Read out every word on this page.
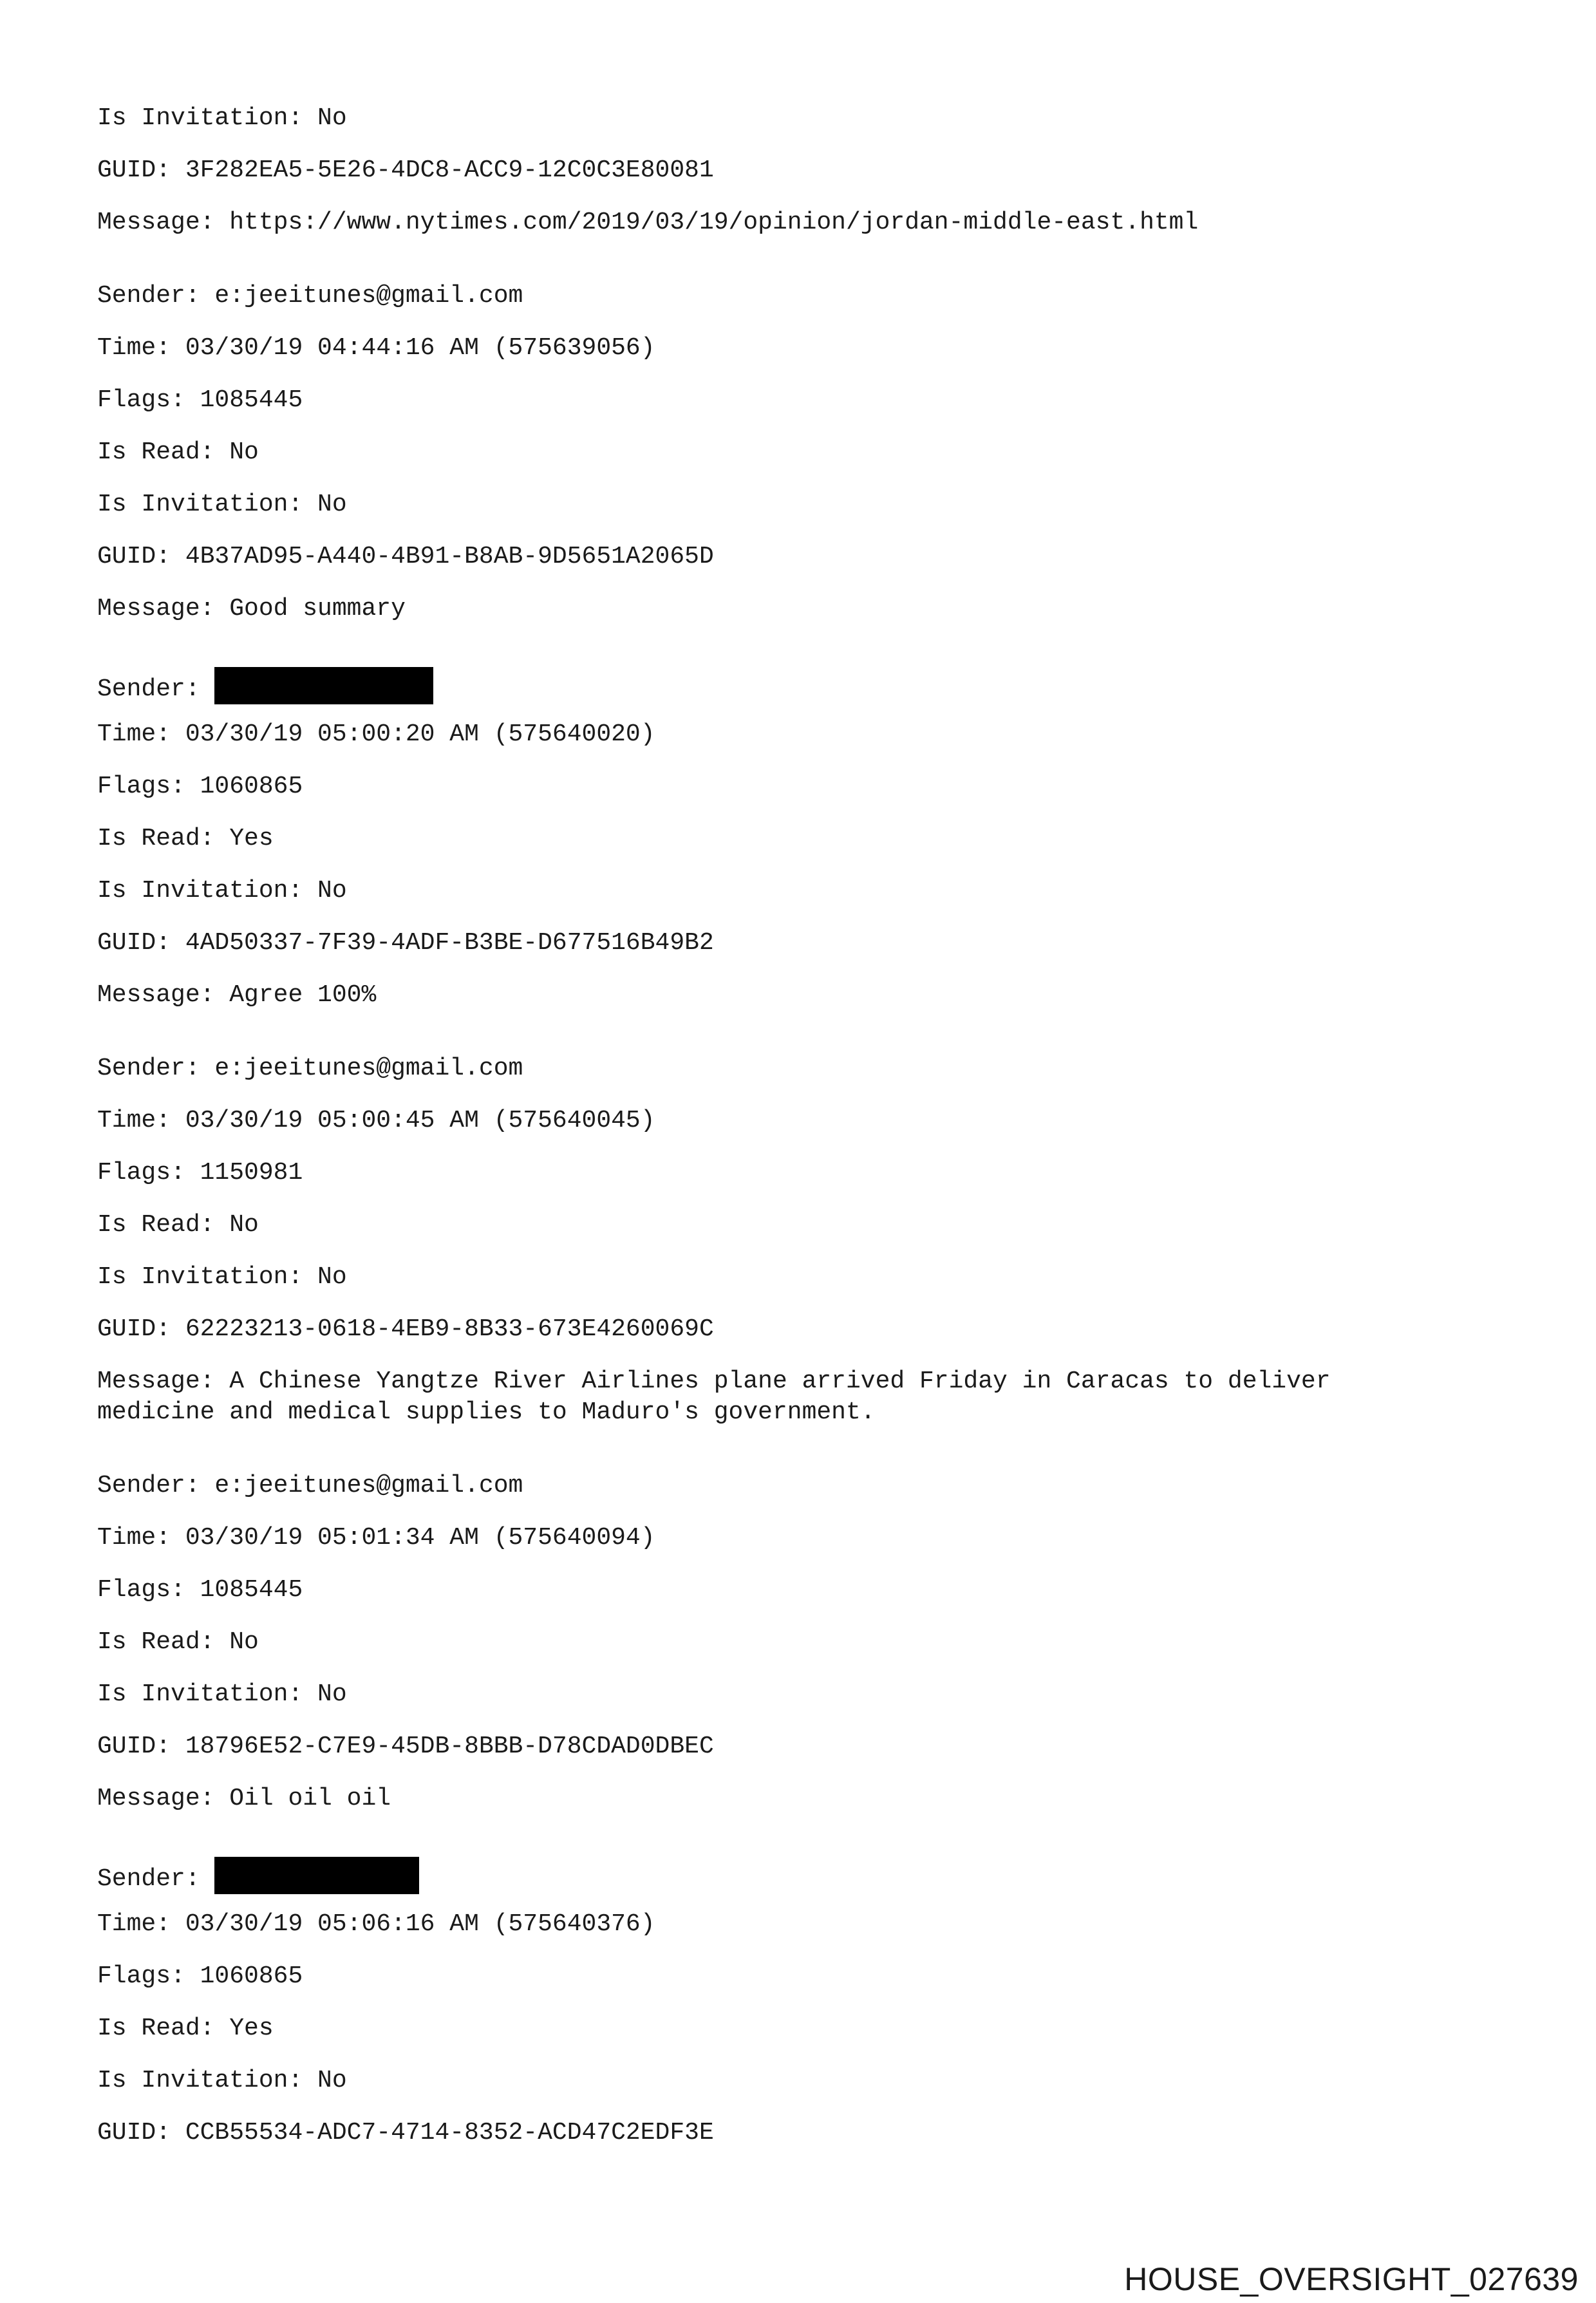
Is Invitation: No
GUID: 3F282EA5-5E26-4DC8-ACC9-12C0C3E80081
Message: https://www.nytimes.com/2019/03/19/opinion/jordan-middle-east.html
Sender: e:jeeitunes@gmail.com
Time: 03/30/19 04:44:16 AM (575639056)
Flags: 1085445
Is Read: No
Is Invitation: No
GUID: 4B37AD95-A440-4B91-B8AB-9D5651A2065D
Message: Good summary
Sender:
Time: 03/30/19 05:00:20 AM (575640020)
Flags: 1060865
Is Read: Yes
Is Invitation: No
GUID: 4AD50337-7F39-4ADF-B3BE-D677516B49B2
Message: Agree 100%
Sender: e:jeeitunes@gmail.com
Time: 03/30/19 05:00:45 AM (575640045)
Flags: 1150981
Is Read: No
Is Invitation: No
GUID: 62223213-0618-4EB9-8B33-673E4260069C
Message: A Chinese Yangtze River Airlines plane arrived Friday in Caracas to deliver
medicine and medical supplies to Maduro's government.
Sender: e:jeeitunes@gmail.com
Time: 03/30/19 05:01:34 AM (575640094)
Flags: 1085445
Is Read: No
Is Invitation: No
GUID: 18796E52-C7E9-45DB-8BBB-D78CDAD0DBEC
Message: Oil oil oil
Sender:
Time: 03/30/19 05:06:16 AM (575640376)
Flags: 1060865
Is Read: Yes
Is Invitation: No
GUID: CCB55534-ADC7-4714-8352-ACD47C2EDF3E
HOUSE_OVERSIGHT_027639
